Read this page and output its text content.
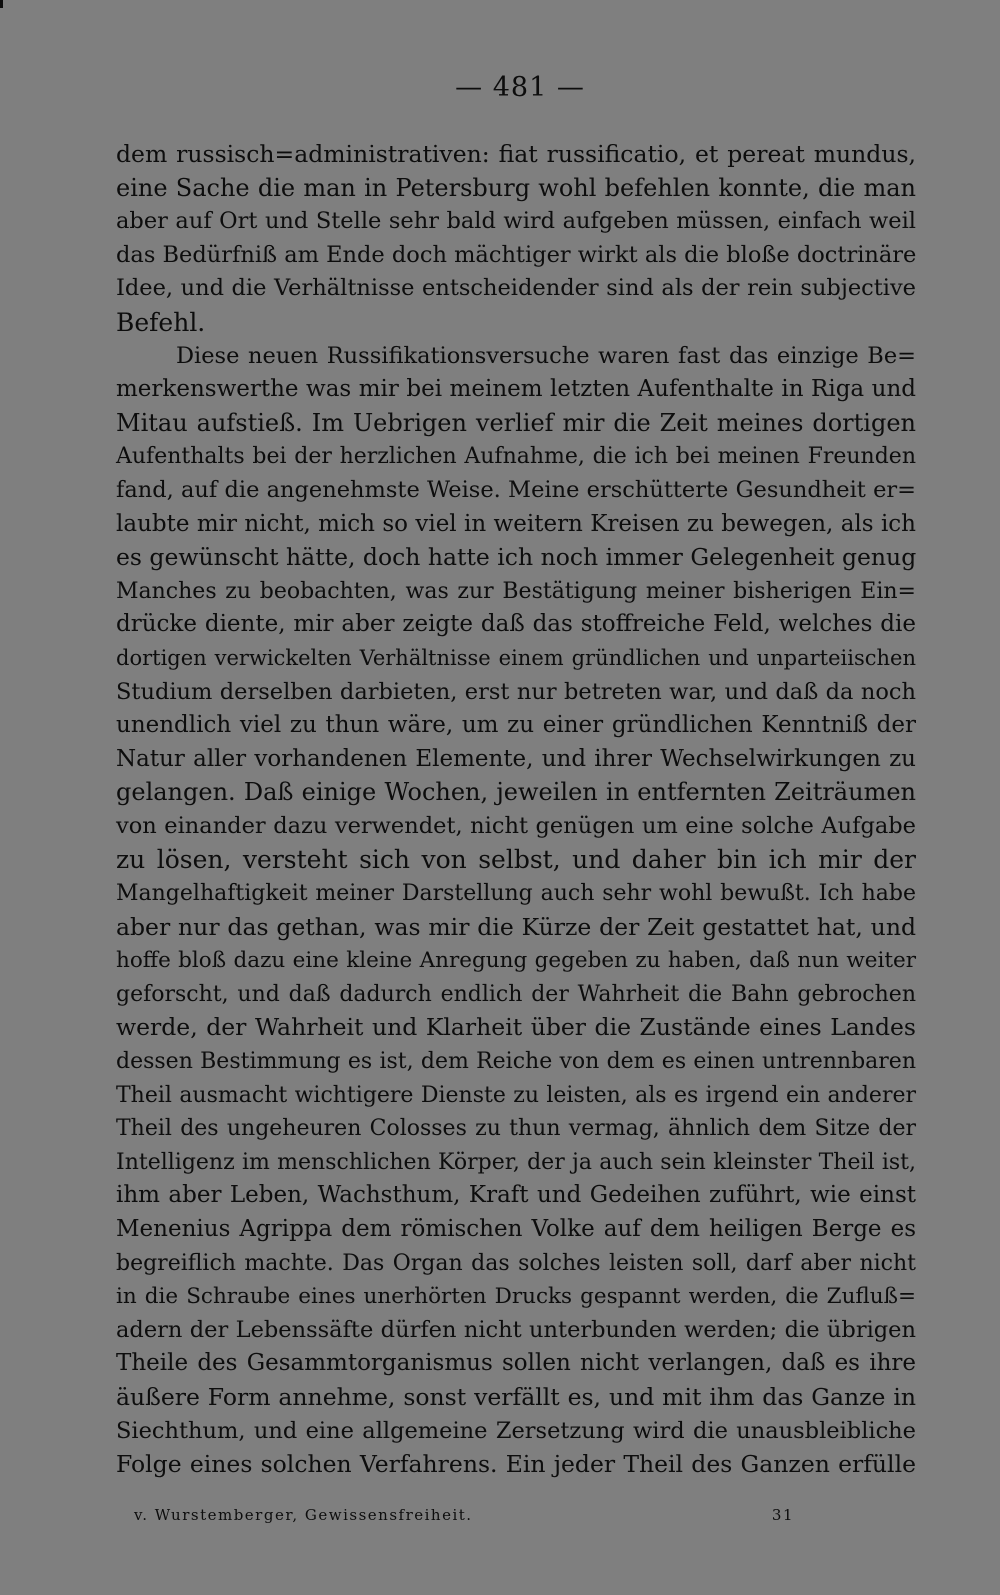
— 481 —
dem russisch=administrativen: fiat russificatio, et pereat mundus,
eine Sache die man in Petersburg wohl befehlen konnte, die man
aber auf Ort und Stelle sehr bald wird aufgeben müssen, einfach weil
das Bedürfniß am Ende doch mächtiger wirkt als die bloße doctrinäre
Idee, und die Verhältnisse entscheidender sind als der rein subjective
Befehl.
Diese neuen Russifikationsversuche waren fast das einzige Be=
merkenswerthe was mir bei meinem letzten Aufenthalte in Riga und
Mitau aufstieß. Im Uebrigen verlief mir die Zeit meines dortigen
Aufenthalts bei der herzlichen Aufnahme, die ich bei meinen Freunden
fand, auf die angenehmste Weise. Meine erschütterte Gesundheit er=
laubte mir nicht, mich so viel in weitern Kreisen zu bewegen, als ich
es gewünscht hätte, doch hatte ich noch immer Gelegenheit genug
Manches zu beobachten, was zur Bestätigung meiner bisherigen Ein=
drücke diente, mir aber zeigte daß das stoffreiche Feld, welches die
dortigen verwickelten Verhältnisse einem gründlichen und unparteiischen
Studium derselben darbieten, erst nur betreten war, und daß da noch
unendlich viel zu thun wäre, um zu einer gründlichen Kenntniß der
Natur aller vorhandenen Elemente, und ihrer Wechselwirkungen zu
gelangen. Daß einige Wochen, jeweilen in entfernten Zeiträumen
von einander dazu verwendet, nicht genügen um eine solche Aufgabe
zu lösen, versteht sich von selbst, und daher bin ich mir der
Mangelhaftigkeit meiner Darstellung auch sehr wohl bewußt. Ich habe
aber nur das gethan, was mir die Kürze der Zeit gestattet hat, und
hoffe bloß dazu eine kleine Anregung gegeben zu haben, daß nun weiter
geforscht, und daß dadurch endlich der Wahrheit die Bahn gebrochen
werde, der Wahrheit und Klarheit über die Zustände eines Landes
dessen Bestimmung es ist, dem Reiche von dem es einen untrennbaren
Theil ausmacht wichtigere Dienste zu leisten, als es irgend ein anderer
Theil des ungeheuren Colosses zu thun vermag, ähnlich dem Sitze der
Intelligenz im menschlichen Körper, der ja auch sein kleinster Theil ist,
ihm aber Leben, Wachsthum, Kraft und Gedeihen zuführt, wie einst
Menenius Agrippa dem römischen Volke auf dem heiligen Berge es
begreiflich machte. Das Organ das solches leisten soll, darf aber nicht
in die Schraube eines unerhörten Drucks gespannt werden, die Zufluß=
adern der Lebenssäfte dürfen nicht unterbunden werden; die übrigen
Theile des Gesammtorganismus sollen nicht verlangen, daß es ihre
äußere Form annehme, sonst verfällt es, und mit ihm das Ganze in
Siechthum, und eine allgemeine Zersetzung wird die unausbleibliche
Folge eines solchen Verfahrens. Ein jeder Theil des Ganzen erfülle
v. Wurstemberger, Gewissensfreiheit.	31
